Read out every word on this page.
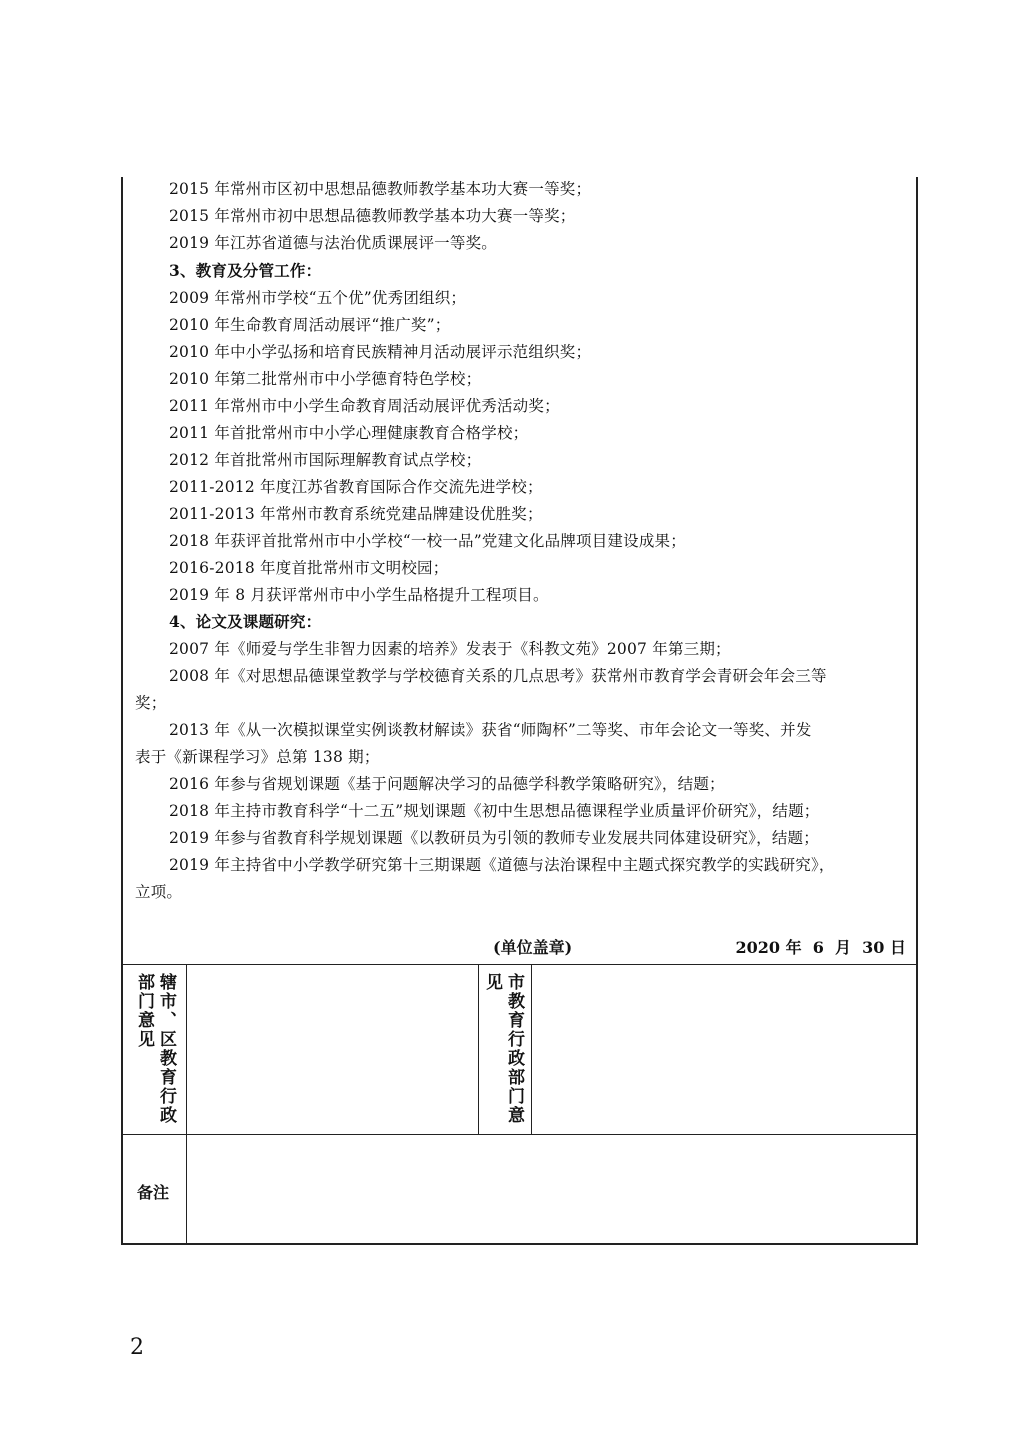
2015 年常州市区初中思想品德教师教学基本功大赛一等奖；
2015 年常州市初中思想品德教师教学基本功大赛一等奖；
2019 年江苏省道德与法治优质课展评一等奖。
3、教育及分管工作：
2009 年常州市学校“五个优”优秀团组织；
2010 年生命教育周活动展评“推广奖”；
2010 年中小学弘扬和培育民族精神月活动展评示范组织奖；
2010 年第二批常州市中小学德育特色学校；
2011 年常州市中小学生命教育周活动展评优秀活动奖；
2011 年首批常州市中小学心理健康教育合格学校；
2012 年首批常州市国际理解教育试点学校；
2011-2012 年度江苏省教育国际合作交流先进学校；
2011-2013 年常州市教育系统党建品牌建设优胜奖；
2018 年获评首批常州市中小学校“一校一品”党建文化品牌项目建设成果；
2016-2018 年度首批常州市文明校园；
2019 年 8 月获评常州市中小学生品格提升工程项目。
4、论文及课题研究：
2007 年《师爱与学生非智力因素的培养》发表于《科教文苑》2007 年第三期；
2008 年《对思想品德课堂教学与学校德育关系的几点思考》获常州市教育学会青研会年会三等
奖；
2013 年《从一次模拟课堂实例谈教材解读》获省“师陶杯”二等奖、市年会论文一等奖、并发
表于《新课程学习》总第 138 期；
2016 年参与省规划课题《基于问题解决学习的品德学科教学策略研究》，结题；
2018 年主持市教育科学“十二五”规划课题《初中生思想品德课程学业质量评价研究》，结题；
2019 年参与省教育科学规划课题《以教研员为引领的教师专业发展共同体建设研究》，结题；
2019 年主持省中小学教学研究第十三期课题《道德与法治课程中主题式探究教学的实践研究》，
立项。
(单位盖章)	2020 年  6  月  30 日
辖市、区教育行政部门意见	市教育行政部门意见
备注
2
